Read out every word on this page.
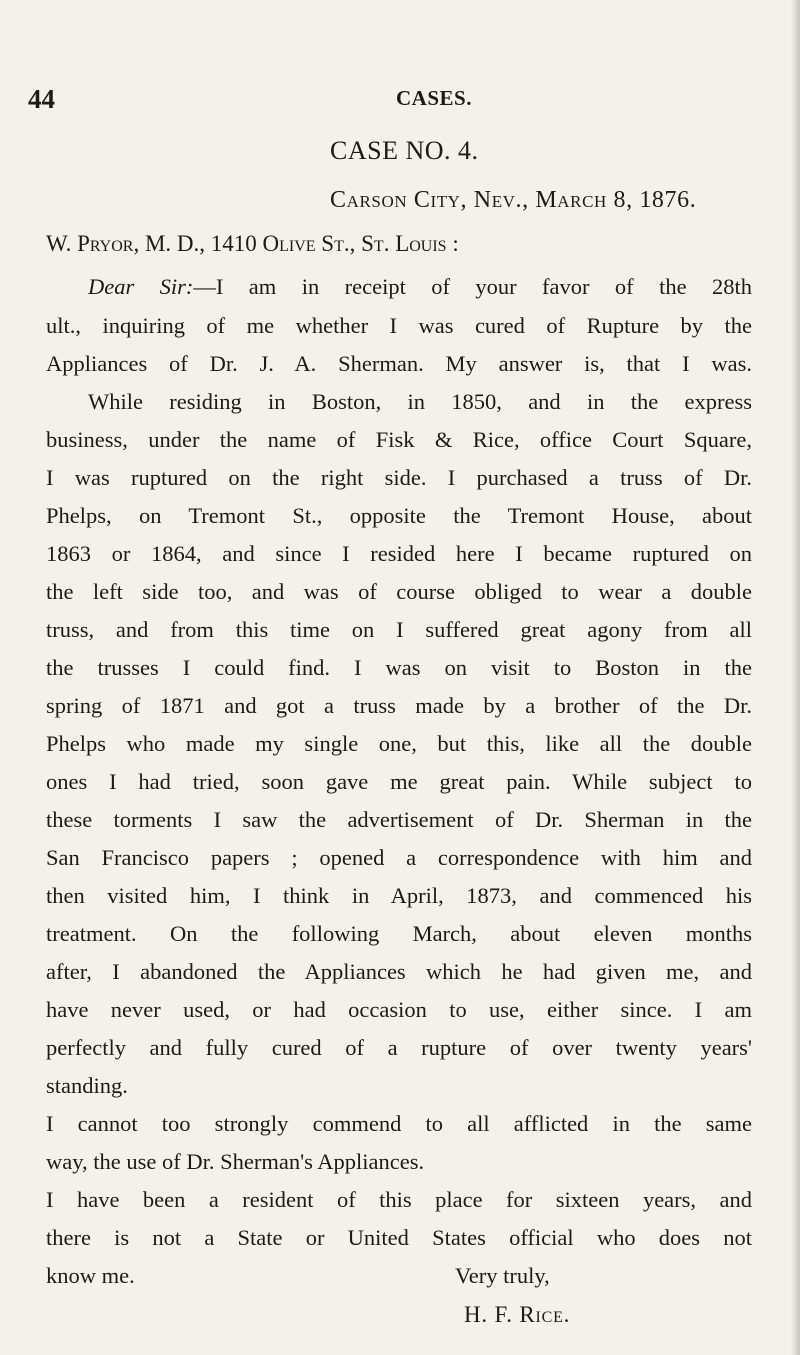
44	CASES.
CASE NO. 4.
Carson City, Nev., March 8, 1876.
W. Pryor, M. D., 1410 Olive St., St. Louis :
Dear Sir:—I am in receipt of your favor of the 28th
ult., inquiring of me whether I was cured of Rupture by the
Appliances of Dr. J. A. Sherman. My answer is, that I was.
While residing in Boston, in 1850, and in the express
business, under the name of Fisk & Rice, office Court Square,
I was ruptured on the right side. I purchased a truss of Dr.
Phelps, on Tremont St., opposite the Tremont House, about
1863 or 1864, and since I resided here I became ruptured on
the left side too, and was of course obliged to wear a double
truss, and from this time on I suffered great agony from all
the trusses I could find. I was on visit to Boston in the
spring of 1871 and got a truss made by a brother of the Dr.
Phelps who made my single one, but this, like all the double
ones I had tried, soon gave me great pain. While subject to
these torments I saw the advertisement of Dr. Sherman in the
San Francisco papers ; opened a correspondence with him and
then visited him, I think in April, 1873, and commenced his
treatment. On the following March, about eleven months
after, I abandoned the Appliances which he had given me, and
have never used, or had occasion to use, either since. I am
perfectly and fully cured of a rupture of over twenty years'
standing.
I cannot too strongly commend to all afflicted in the same
way, the use of Dr. Sherman's Appliances.
I have been a resident of this place for sixteen years, and
there is not a State or United States official who does not
know me.	Very truly,
H. F. Rice.
